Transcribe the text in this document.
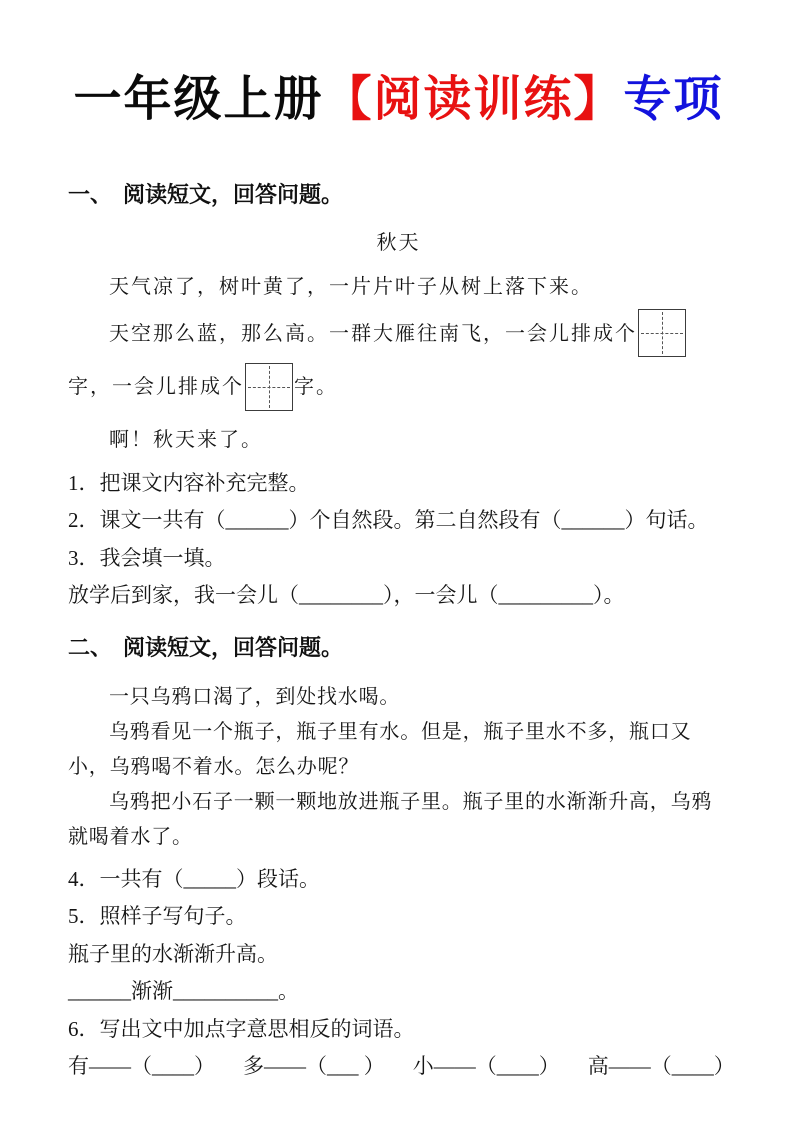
一年级上册【阅读训练】专项
一、　阅读短文，回答问题。
秋天

天气凉了，树叶黄了，一片片叶子从树上落下来。

天空那么蓝，那么高。一群大雁往南飞，一会儿排成个
字，一会儿排成个	字。

啊！秋天来了。

1．把课文内容补充完整。

2．课文一共有（______）个自然段。第二自然段有（______）句话。

3．我会填一填。

放学后到家，我一会儿（________），一会儿（_________）。

二、　阅读短文，回答问题。

一只乌鸦口渴了，到处找水喝。

乌鸦看见一个瓶子，瓶子里有水。但是，瓶子里水不多，瓶口又小，乌鸦喝不着水。怎么办呢？

乌鸦把小石子一颗一颗地放进瓶子里。瓶子里的水渐渐升高，乌鸦就喝着水了。

4．一共有（_____）段话。

5．照样子写句子。

瓶子里的水渐渐升高。

______渐渐__________。

6．写出文中加点字意思相反的词语。

有——（____） 多——（___ ） 小——（____） 高——（____）
